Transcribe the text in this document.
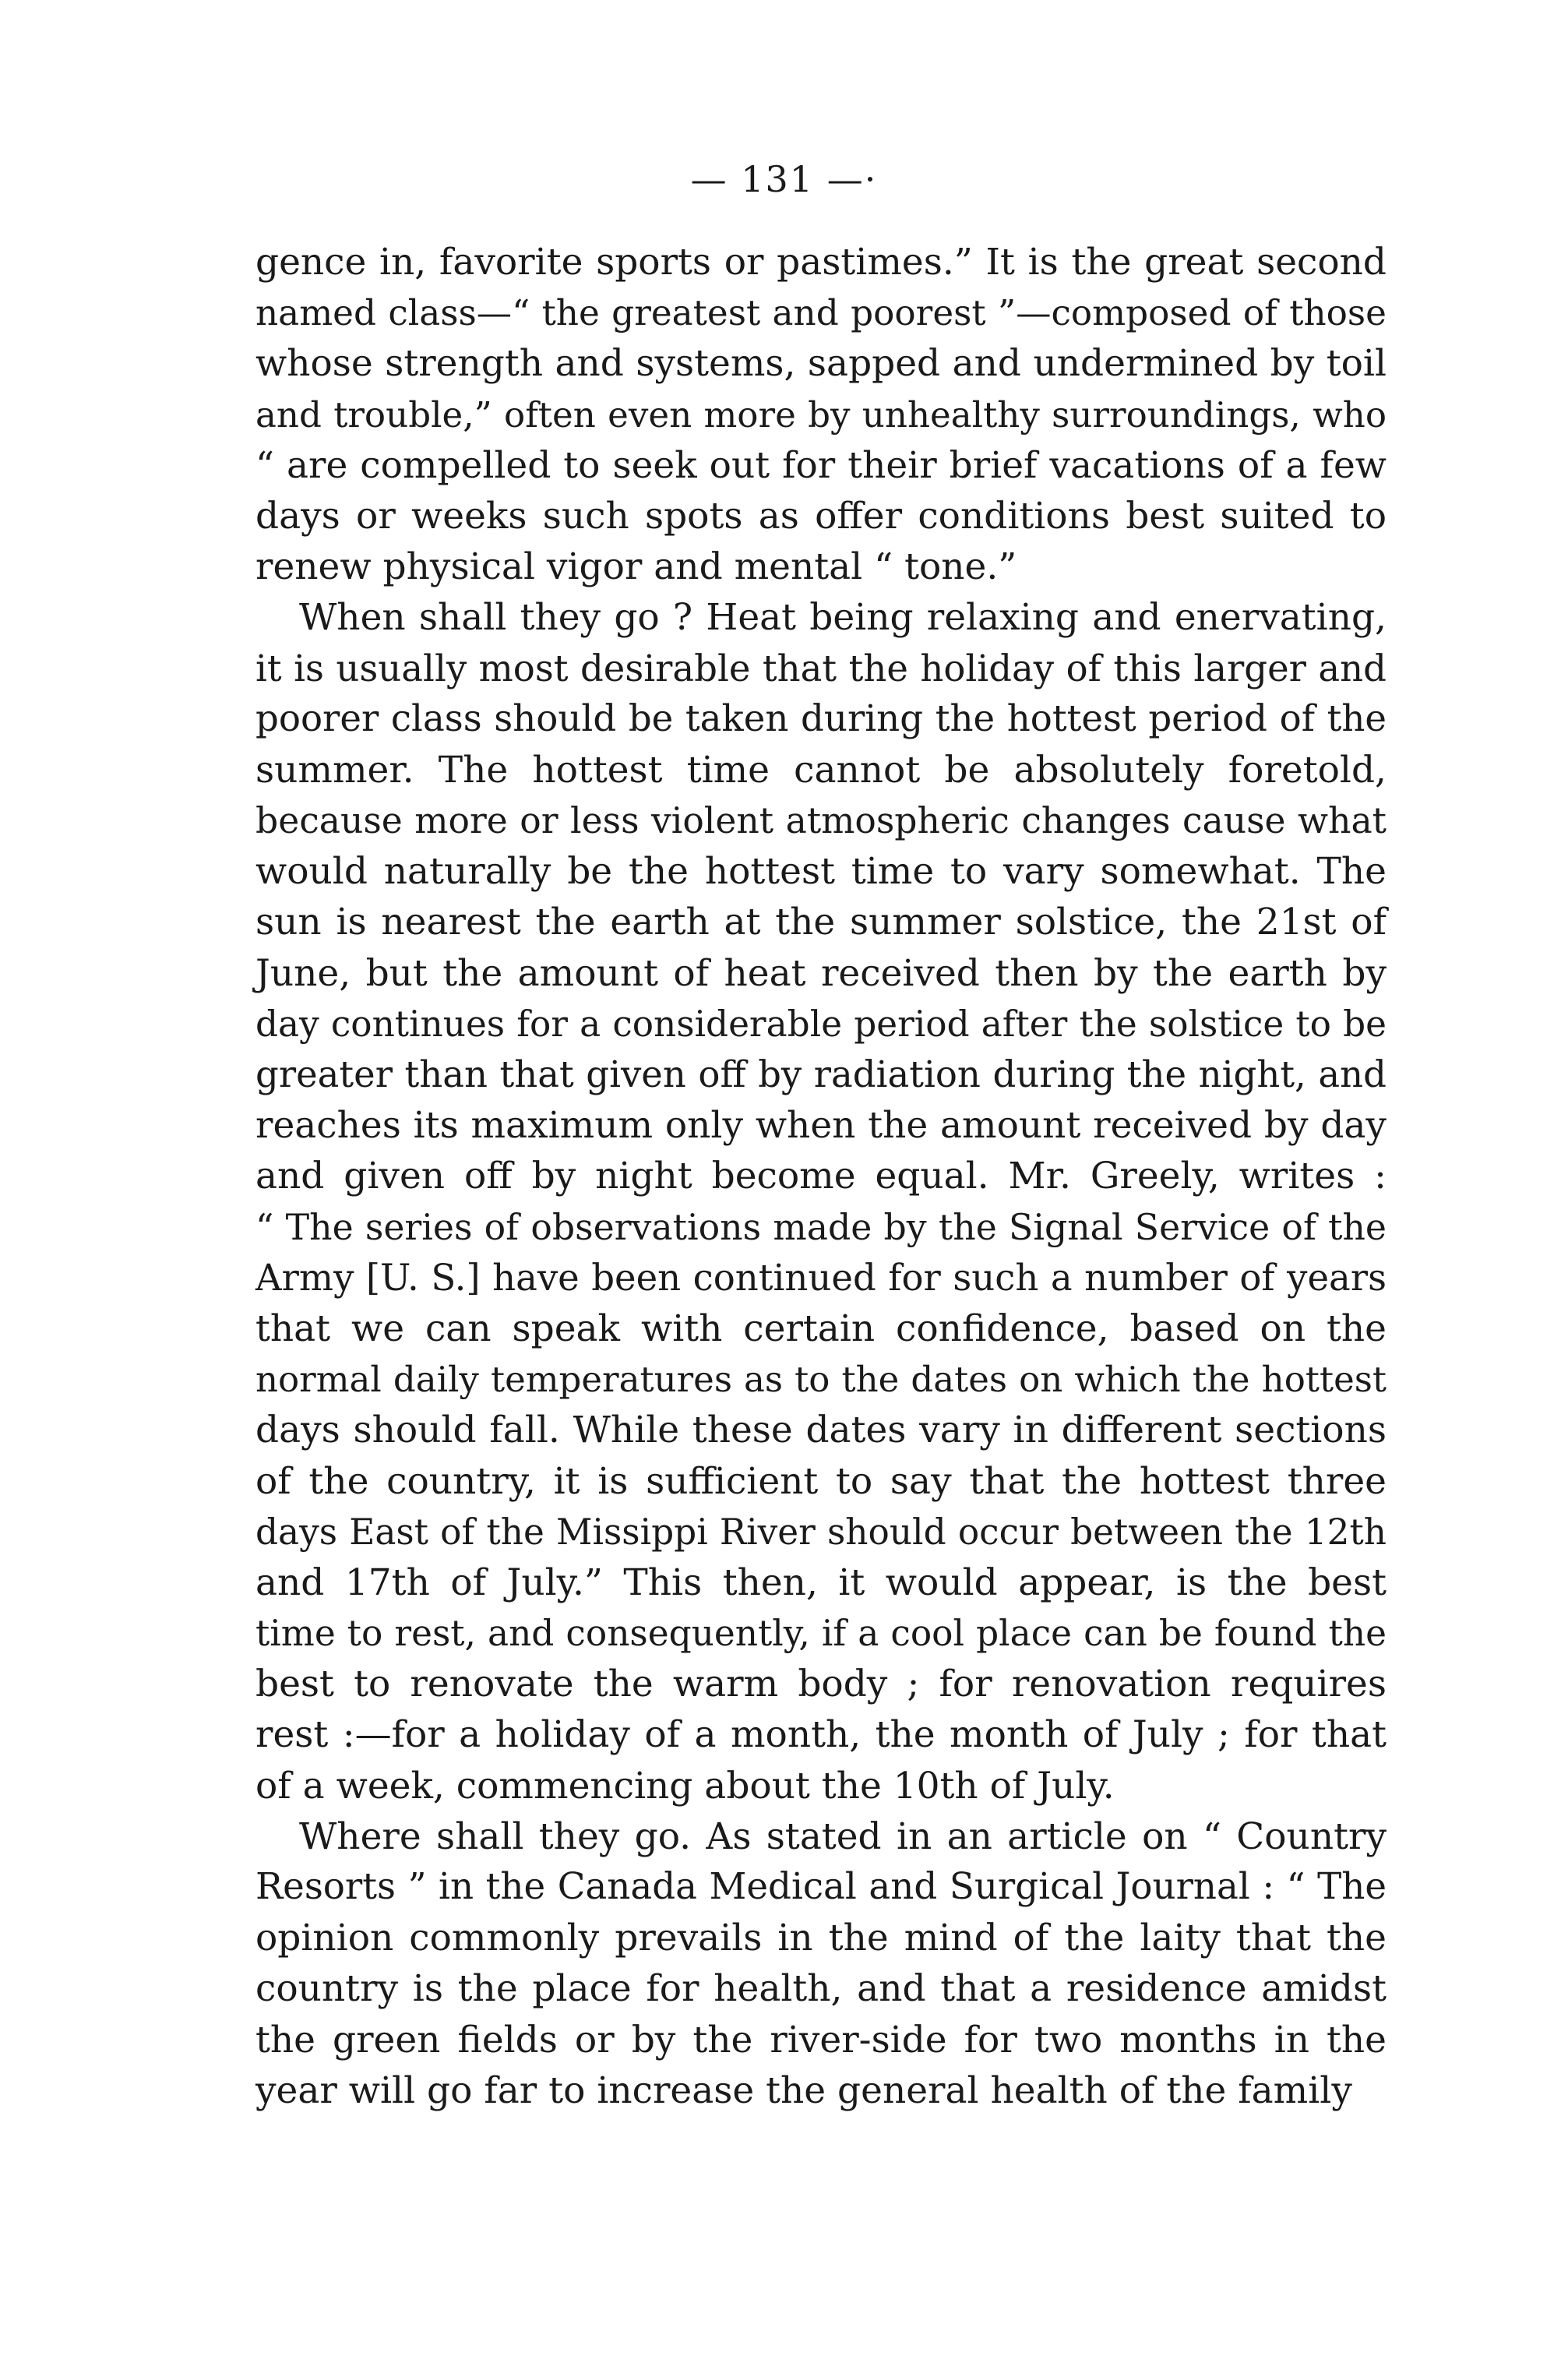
— 131 —·
gence in, favorite sports or pastimes.” It is the great second
named class—“ the greatest and poorest ”—composed of those
whose strength and systems, sapped and undermined by toil
and trouble,” often even more by unhealthy surroundings, who
“ are compelled to seek out for their brief vacations of a few
days or weeks such spots as offer conditions best suited to
renew physical vigor and mental “ tone.”
When shall they go ? Heat being relaxing and enervating,
it is usually most desirable that the holiday of this larger and
poorer class should be taken during the hottest period of the
summer. The hottest time cannot be absolutely foretold,
because more or less violent atmospheric changes cause what
would naturally be the hottest time to vary somewhat. The
sun is nearest the earth at the summer solstice, the 21st of
June, but the amount of heat received then by the earth by
day continues for a considerable period after the solstice to be
greater than that given off by radiation during the night, and
reaches its maximum only when the amount received by day
and given off by night become equal. Mr. Greely, writes :
“ The series of observations made by the Signal Service of the
Army [U. S.] have been continued for such a number of years
that we can speak with certain confidence, based on the
normal daily temperatures as to the dates on which the hottest
days should fall. While these dates vary in different sections
of the country, it is sufficient to say that the hottest three
days East of the Missippi River should occur between the 12th
and 17th of July.” This then, it would appear, is the best
time to rest, and consequently, if a cool place can be found the
best to renovate the warm body ; for renovation requires
rest :—for a holiday of a month, the month of July ; for that
of a week, commencing about the 10th of July.
Where shall they go. As stated in an article on “ Country
Resorts ” in the Canada Medical and Surgical Journal : “ The
opinion commonly prevails in the mind of the laity that the
country is the place for health, and that a residence amidst
the green fields or by the river-side for two months in the
year will go far to increase the general health of the family
